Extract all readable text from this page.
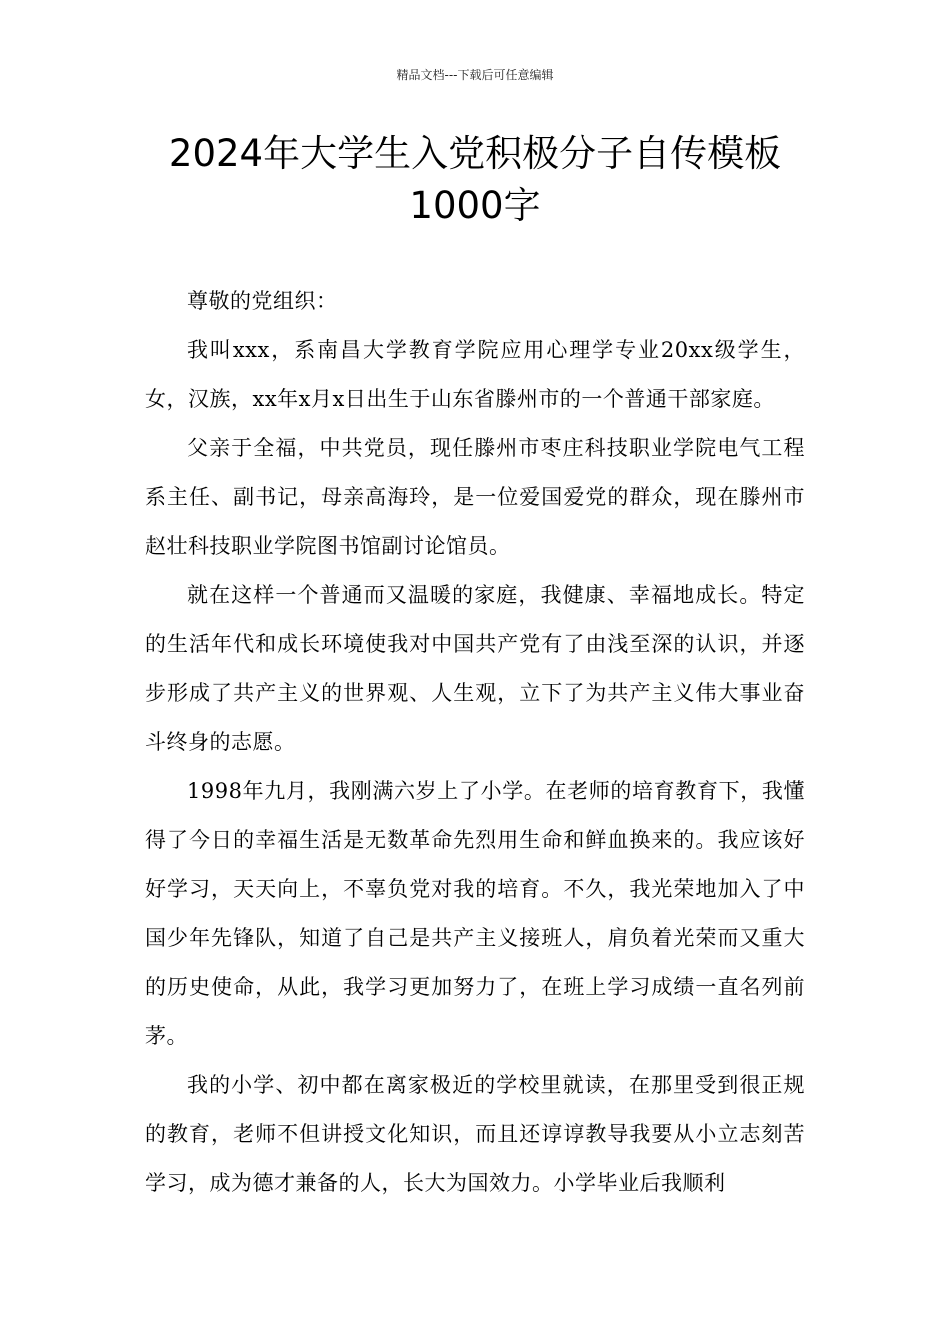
精品文档---下载后可任意编辑
2024年大学生入党积极分子自传模板
1000字

尊敬的党组织：

我叫xxx，系南昌大学教育学院应用心理学专业20xx级学生，女，汉族，xx年x月x日出生于山东省滕州市的一个普通干部家庭。

父亲于全福，中共党员，现任滕州市枣庄科技职业学院电气工程系主任、副书记，母亲高海玲，是一位爱国爱党的群众，现在滕州市赵壮科技职业学院图书馆副讨论馆员。

就在这样一个普通而又温暖的家庭，我健康、幸福地成长。特定的生活年代和成长环境使我对中国共产党有了由浅至深的认识，并逐步形成了共产主义的世界观、人生观，立下了为共产主义伟大事业奋斗终身的志愿。

1998年九月，我刚满六岁上了小学。在老师的培育教育下，我懂得了今日的幸福生活是无数革命先烈用生命和鲜血换来的。我应该好好学习，天天向上，不辜负党对我的培育。不久，我光荣地加入了中国少年先锋队，知道了自己是共产主义接班人，肩负着光荣而又重大的历史使命，从此，我学习更加努力了，在班上学习成绩一直名列前茅。

我的小学、初中都在离家极近的学校里就读，在那里受到很正规的教育，老师不但讲授文化知识，而且还谆谆教导我要从小立志刻苦学习，成为德才兼备的人，长大为国效力。小学毕业后我顺利
